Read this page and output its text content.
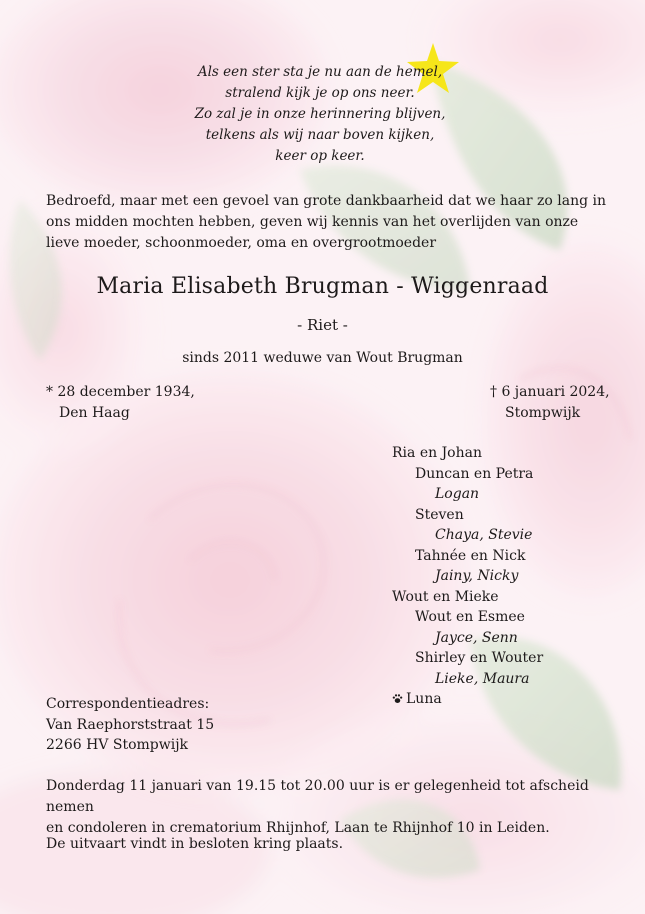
Als een ster sta je nu aan de hemel,
stralend kijk je op ons neer.
Zo zal je in onze herinnering blijven,
telkens als wij naar boven kijken,
keer op keer.
Bedroefd, maar met een gevoel van grote dankbaarheid dat we haar zo lang in ons midden mochten hebben, geven wij kennis van het overlijden van onze lieve moeder, schoonmoeder, oma en overgrootmoeder
Maria Elisabeth Brugman - Wiggenraad
- Riet -
sinds 2011 weduwe van Wout Brugman
* 28 december 1934,
Den Haag
† 6 januari 2024,
Stompwijk
Ria en Johan
Duncan en Petra
Logan
Steven
Chaya, Stevie
Tahnée en Nick
Jainy, Nicky
Wout en Mieke
Wout en Esmee
Jayce, Senn
Shirley en Wouter
Lieke, Maura
Luna
Correspondentieadres:
Van Raephorststraat 15
2266 HV Stompwijk
Donderdag 11 januari van 19.15 tot 20.00 uur is er gelegenheid tot afscheid nemen
en condoleren in crematorium Rhijnhof, Laan te Rhijnhof 10 in Leiden.
De uitvaart vindt in besloten kring plaats.
